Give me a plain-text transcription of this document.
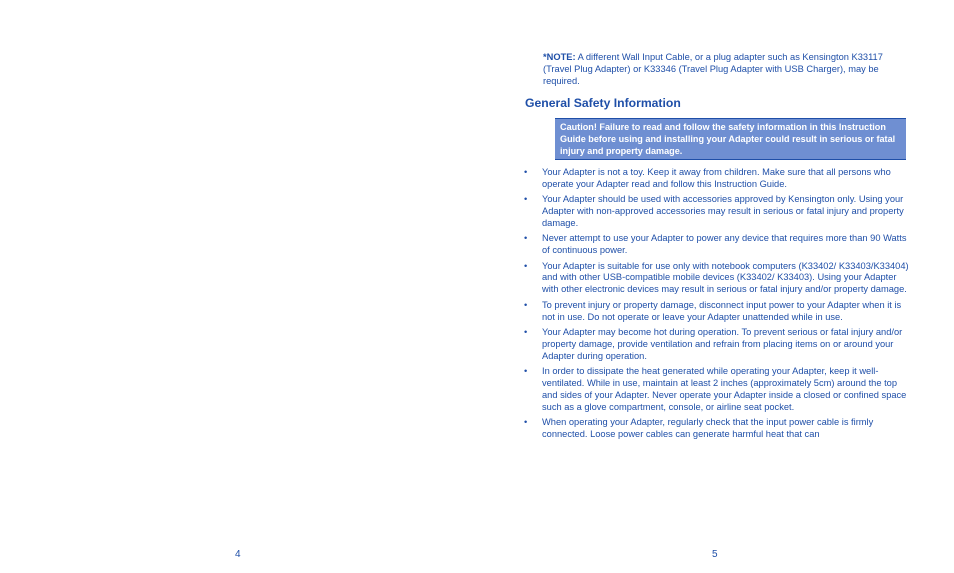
4
*NOTE: A different Wall Input Cable, or a plug adapter such as Kensington K33117 (Travel Plug Adapter) or K33346 (Travel Plug Adapter with USB Charger), may be required.
General Safety Information
Caution! Failure to read and follow the safety information in this Instruction Guide before using and installing your Adapter could result in serious or fatal injury and property damage.
• Your Adapter is not a toy. Keep it away from children. Make sure that all persons who operate your Adapter read and follow this Instruction Guide.
• Your Adapter should be used with accessories approved by Kensington only. Using your Adapter with non-approved accessories may result in serious or fatal injury and property damage.
• Never attempt to use your Adapter to power any device that requires more than 90 Watts of continuous power.
• Your Adapter is suitable for use only with notebook computers (K33402/ K33403/K33404) and with other USB-compatible mobile devices (K33402/ K33403). Using your Adapter with other electronic devices may result in serious or fatal injury and/or property damage.
• To prevent injury or property damage, disconnect input power to your Adapter when it is not in use. Do not operate or leave your Adapter unattended while in use.
• Your Adapter may become hot during operation. To prevent serious or fatal injury and/or property damage, provide ventilation and refrain from placing items on or around your Adapter during operation.
• In order to dissipate the heat generated while operating your Adapter, keep it well-ventilated. While in use, maintain at least 2 inches (approximately 5cm) around the top and sides of your Adapter. Never operate your Adapter inside a closed or confined space such as a glove compartment, console, or airline seat pocket.
• When operating your Adapter, regularly check that the input power cable is firmly connected. Loose power cables can generate harmful heat that can
5
